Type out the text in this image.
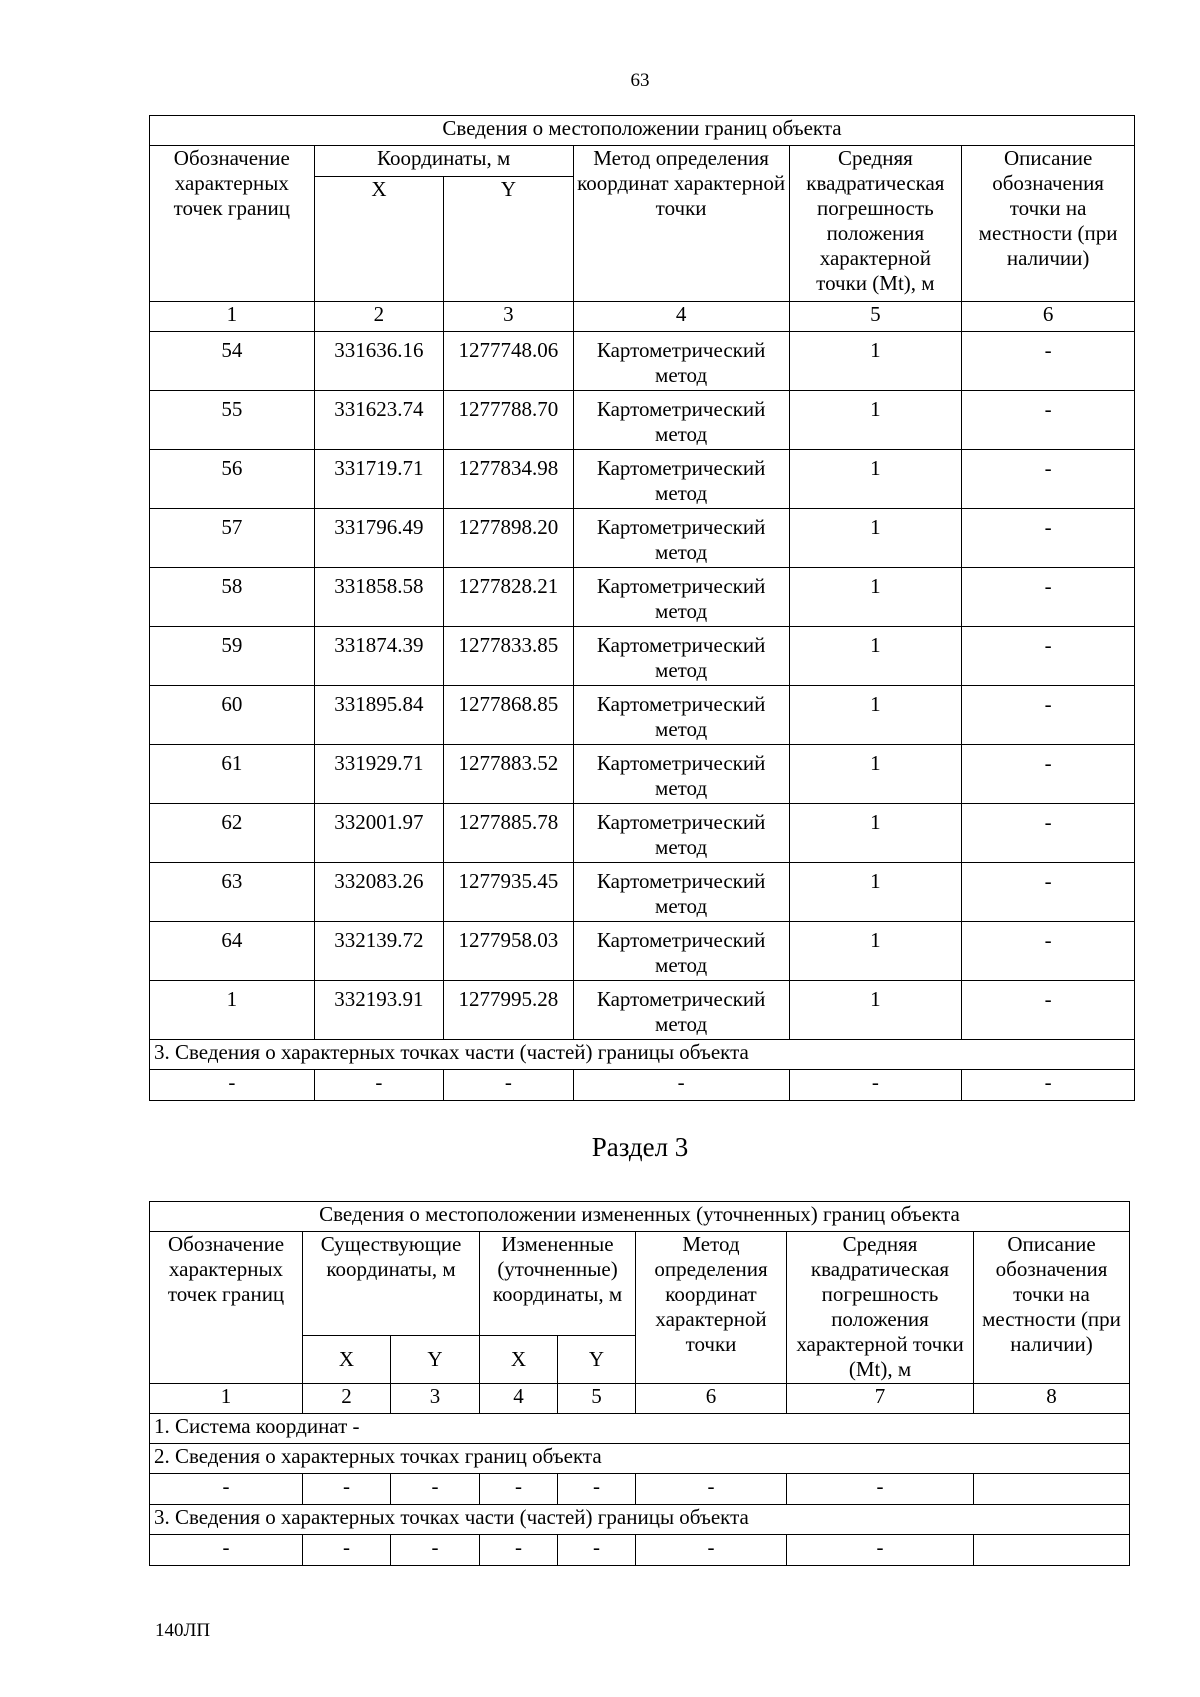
63
Сведения о местоположении границ объекта					
Обозначение характерных точек границ	Координаты, м		Метод определения координат характерной точки	Средняя квадратическая погрешность положения характерной точки (Mt), м	Описание обозначения точки на местности (при наличии)
	X	Y			
1	2	3	4	5	6
54	331636.16	1277748.06	Картометрический метод	1	-
55	331623.74	1277788.70	Картометрический метод	1	-
56	331719.71	1277834.98	Картометрический метод	1	-
57	331796.49	1277898.20	Картометрический метод	1	-
58	331858.58	1277828.21	Картометрический метод	1	-
59	331874.39	1277833.85	Картометрический метод	1	-
60	331895.84	1277868.85	Картометрический метод	1	-
61	331929.71	1277883.52	Картометрический метод	1	-
62	332001.97	1277885.78	Картометрический метод	1	-
63	332083.26	1277935.45	Картометрический метод	1	-
64	332139.72	1277958.03	Картометрический метод	1	-
1	332193.91	1277995.28	Картометрический метод	1	-
3. Сведения о характерных точках части (частей) границы объекта					
-	-	-	-	-	-
Раздел 3
Сведения о местоположении измененных (уточненных) границ объекта							
Обозначение характерных точек границ	Существующие координаты, м		Измененные (уточненные) координаты, м		Метод определения координат характерной точки	Средняя квадратическая погрешность положения характерной точки (Mt), м	Описание обозначения точки на местности (при наличии)
	X	Y	X	Y			
1	2	3	4	5	6	7	8
1. Система координат -							
2. Сведения о характерных точках границ объекта							
-	-	-	-	-	-	-	
3. Сведения о характерных точках части (частей) границы объекта							
-	-	-	-	-	-	-	
140ЛП
